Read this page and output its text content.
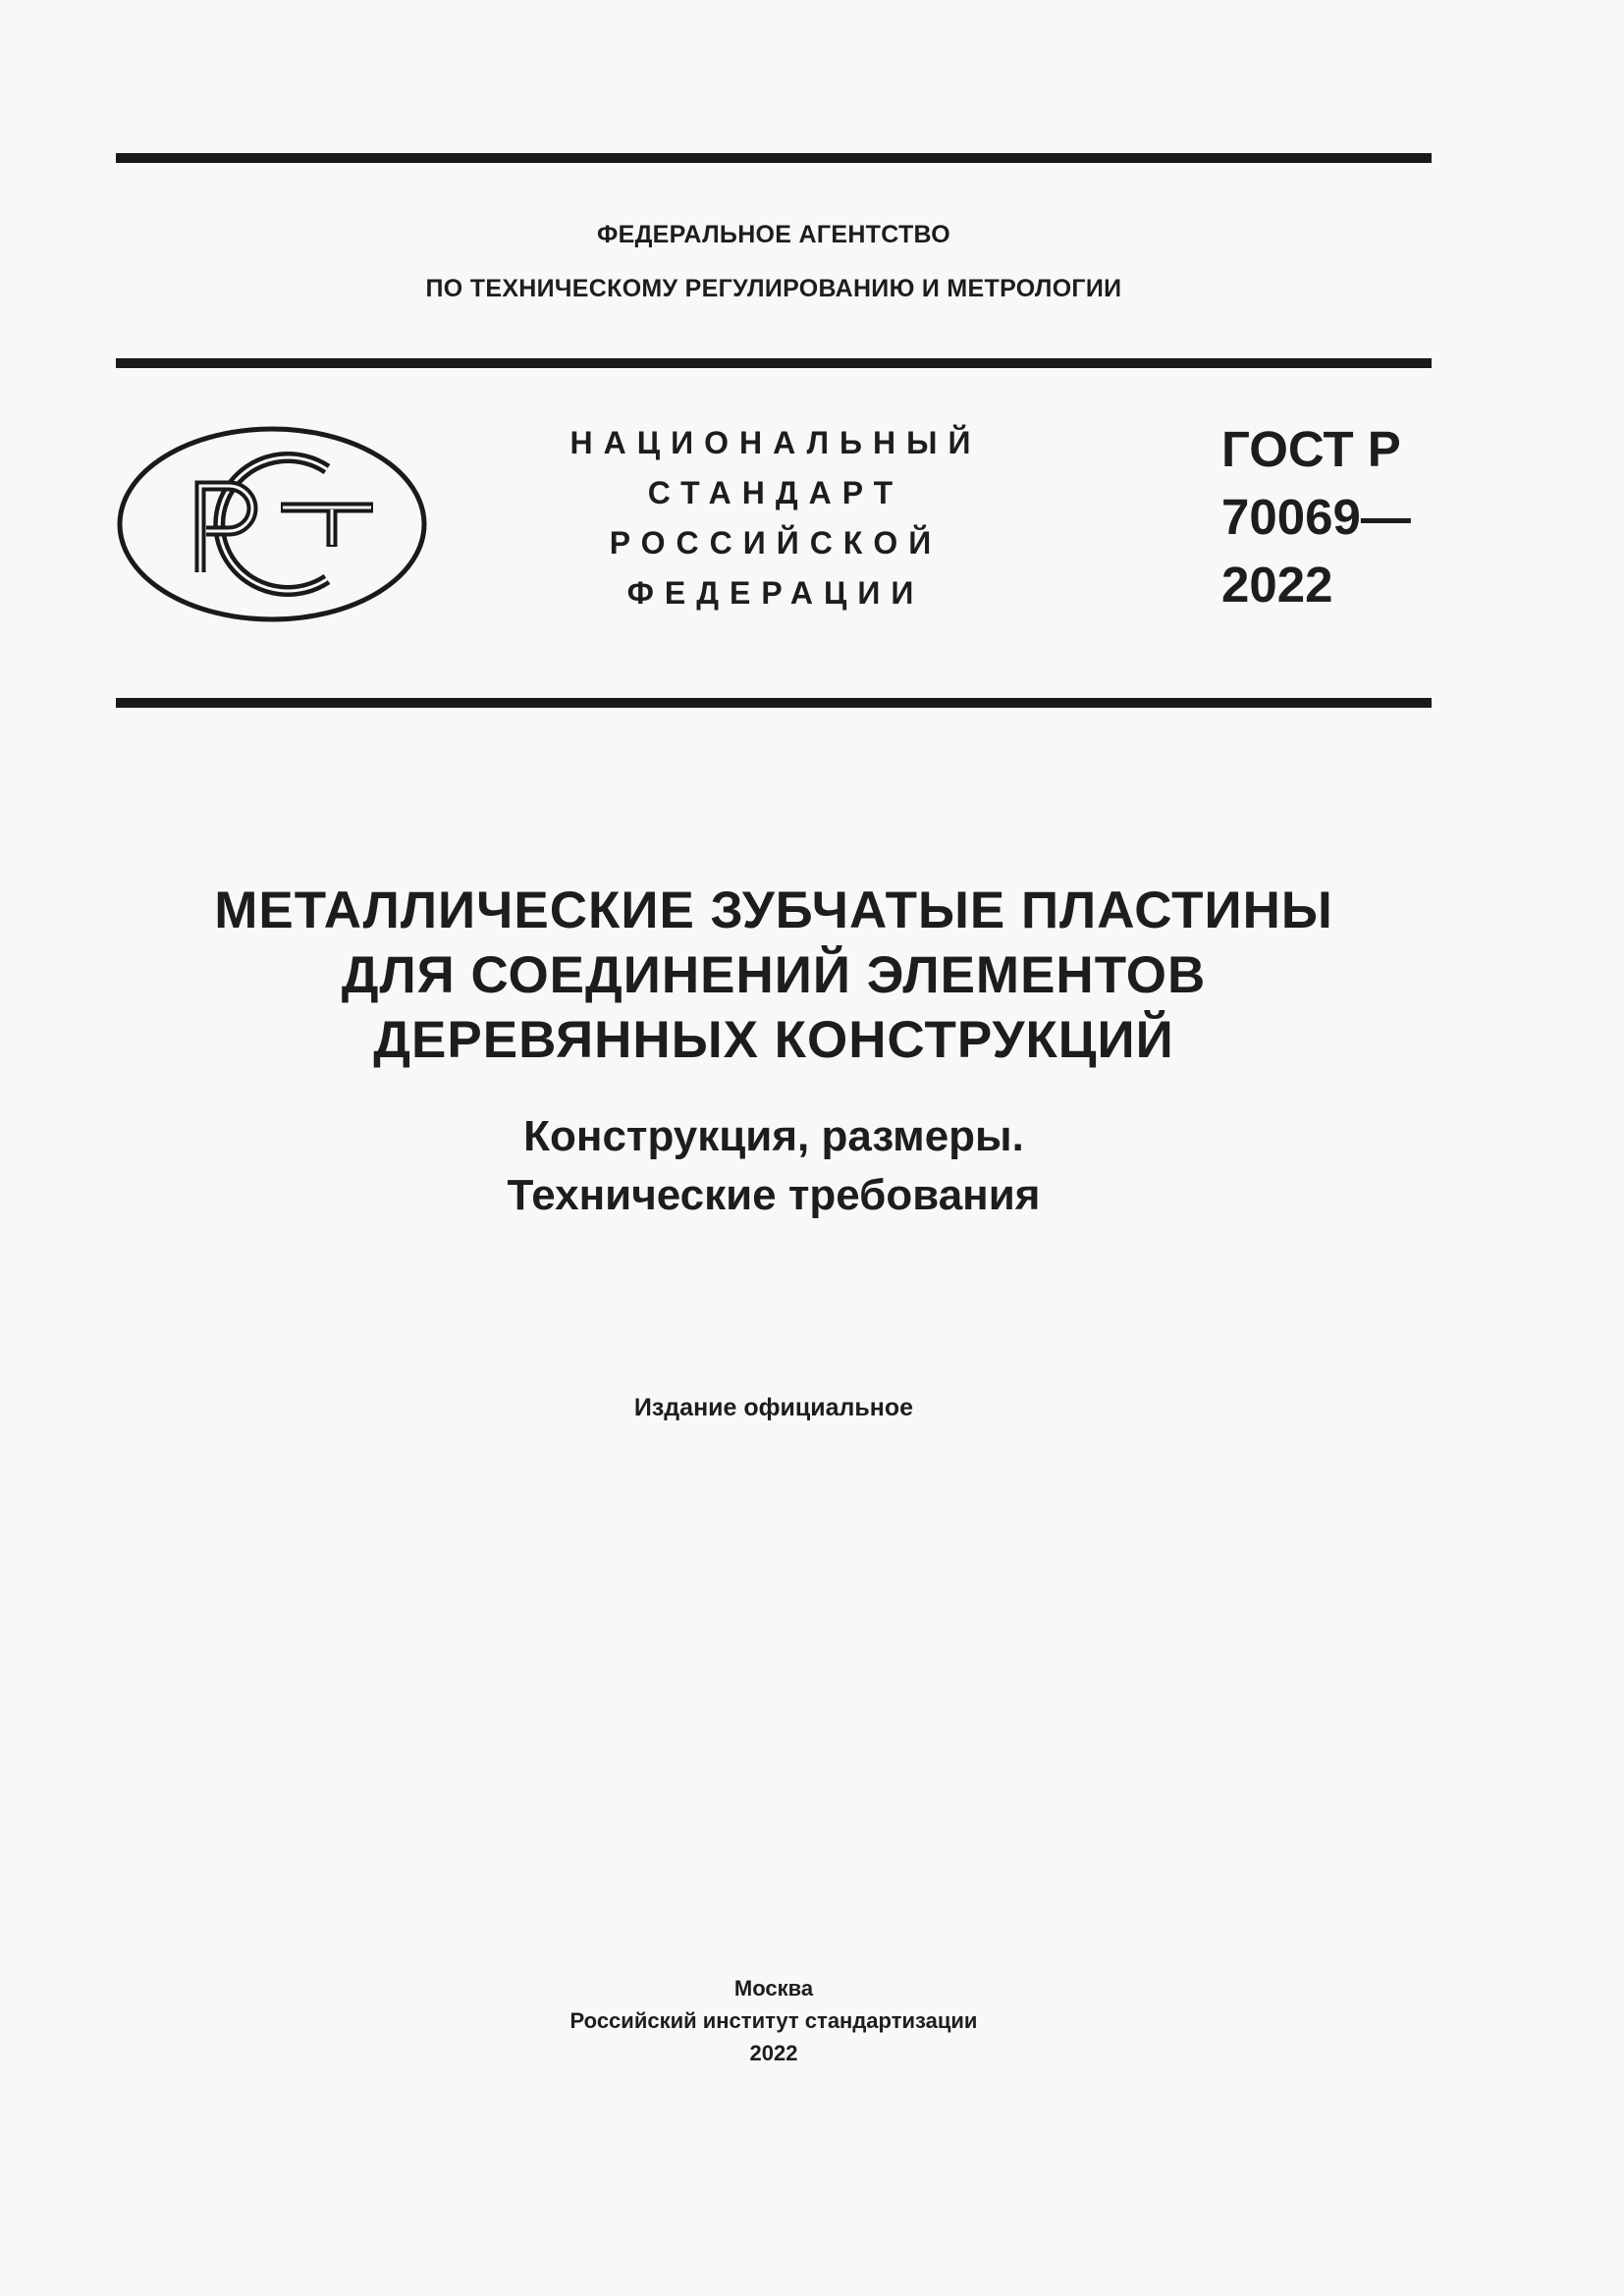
ФЕДЕРАЛЬНОЕ АГЕНТСТВО
ПО ТЕХНИЧЕСКОМУ РЕГУЛИРОВАНИЮ И МЕТРОЛОГИИ
НАЦИОНАЛЬНЫЙ
СТАНДАРТ
РОССИЙСКОЙ
ФЕДЕРАЦИИ
ГОСТ Р
70069—
2022
МЕТАЛЛИЧЕСКИЕ ЗУБЧАТЫЕ ПЛАСТИНЫ
ДЛЯ СОЕДИНЕНИЙ ЭЛЕМЕНТОВ
ДЕРЕВЯННЫХ КОНСТРУКЦИЙ
Конструкция, размеры.
Технические требования
Издание официальное
Москва
Российский институт стандартизации
2022
